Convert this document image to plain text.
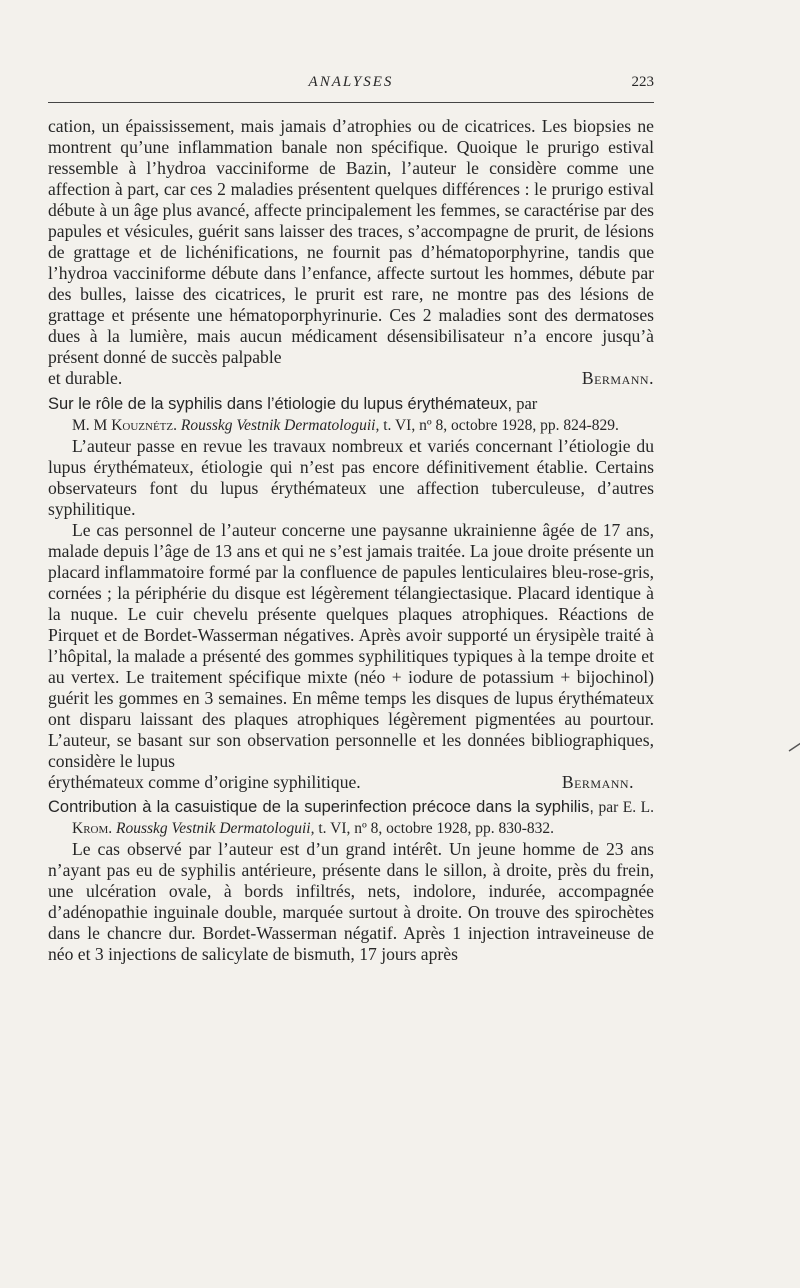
ANALYSES	223

cation, un épaississement, mais jamais d’atrophies ou de cicatrices. Les biopsies ne montrent qu’une inflammation banale non spécifique. Quoique le prurigo estival ressemble à l’hydroa vacciniforme de Bazin, l’auteur le considère comme une affection à part, car ces 2 maladies présentent quelques différences : le prurigo estival débute à un âge plus avancé, affecte principalement les femmes, se caractérise par des papules et vésicules, guérit sans laisser des traces, s’accompagne de prurit, de lésions de grattage et de lichénifications, ne fournit pas d’hématoporphyrine, tandis que l’hydroa vacciniforme débute dans l’enfance, affecte surtout les hommes, débute par des bulles, laisse des cicatrices, le prurit est rare, ne montre pas des lésions de grattage et présente une hématoporphyrinurie. Ces 2 maladies sont des dermatoses dues à la lumière, mais aucun médicament désensibilisateur n’a encore jusqu’à présent donné de succès palpable

et durable.	Bermann.

Sur le rôle de la syphilis dans l’étiologie du lupus érythémateux, par
M. M Kouznétz. Rousskg Vestnik Dermatologuii, t. VI, nº 8, octobre 1928, pp. 824-829.

L’auteur passe en revue les travaux nombreux et variés concernant l’étiologie du lupus érythémateux, étiologie qui n’est pas encore définitivement établie. Certains observateurs font du lupus érythémateux une affection tuberculeuse, d’autres syphilitique.

Le cas personnel de l’auteur concerne une paysanne ukrainienne âgée de 17 ans, malade depuis l’âge de 13 ans et qui ne s’est jamais traitée. La joue droite présente un placard inflammatoire formé par la confluence de papules lenticulaires bleu-rose-gris, cornées ; la périphérie du disque est légèrement télangiectasique. Placard identique à la nuque. Le cuir chevelu présente quelques plaques atrophiques. Réactions de Pirquet et de Bordet-Wasserman négatives. Après avoir supporté un érysipèle traité à l’hôpital, la malade a présenté des gommes syphilitiques typiques à la tempe droite et au vertex. Le traitement spécifique mixte (néo + iodure de potassium + bijochinol) guérit les gommes en 3 semaines. En même temps les disques de lupus érythémateux ont disparu laissant des plaques atrophiques légèrement pigmentées au pourtour. L’auteur, se basant sur son observation personnelle et les données bibliographiques, considère le lupus

érythémateux comme d’origine syphilitique.	Bermann.

Contribution à la casuistique de la superinfection précoce dans la syphilis, par E. L. Krom. Rousskg Vestnik Dermatologuii, t. VI, nº 8, octobre 1928, pp. 830-832.

Le cas observé par l’auteur est d’un grand intérêt. Un jeune homme de 23 ans n’ayant pas eu de syphilis antérieure, présente dans le sillon, à droite, près du frein, une ulcération ovale, à bords infiltrés, nets, indolore, indurée, accompagnée d’adénopathie inguinale double, marquée surtout à droite. On trouve des spirochètes dans le chancre dur. Bordet-Wasserman négatif. Après 1 injection intraveineuse de néo et 3 injections de salicylate de bismuth, 17 jours après
